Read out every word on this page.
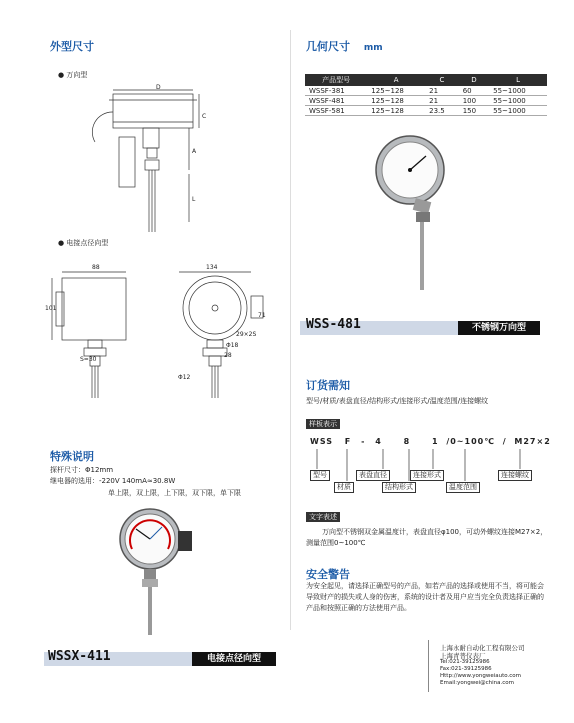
外型尺寸
● 万向型
D
C
A
L
● 电接点径向型
88
101
S=30
134
Φ18
Φ12
29×2S
28
71
特殊说明
探杆尺寸：Φ12mm
继电器的选用：-220V 140mA≈30.8W
单上限，双上限，上下限，双下限，单下限
WSSX-411	电接点径向型
几何尺寸 mm
产品型号	A	C	D	L
WSSF-381	125~128	21	60	55~1000
WSSF-481	125~128	21	100	55~1000
WSSF-581	125~128	23.5	150	55~1000
WSS-481	不锈钢万向型
订货需知
型号/材质/表盘直径/结构形式/连接形式/温度范围/连接螺纹
样板表示
WSS F - 4	8	1 /0~100℃ / M27×2
型号
材质
表盘直径
结构形式
连接形式
温度范围
连接螺纹
文字表述
万向型不锈钢双金属温度计，表盘直径φ100，可动外螺纹连接M27×2，测量范围0~100℃
安全警告
为安全起见，请选择正确型号的产品，如若产品的选择或使用不当，将可能会导致财产的损失或人身的伤害，系统的设计者及用户应当完全负责选择正确的产品和按照正确的方法使用产品。
上海永耐自动化工程有限公司
上海青普仪表厂
Tel:021-39125986
Fax:021-39125986
Http://www.yongweiauto.com
Email:yongwei@china.com
